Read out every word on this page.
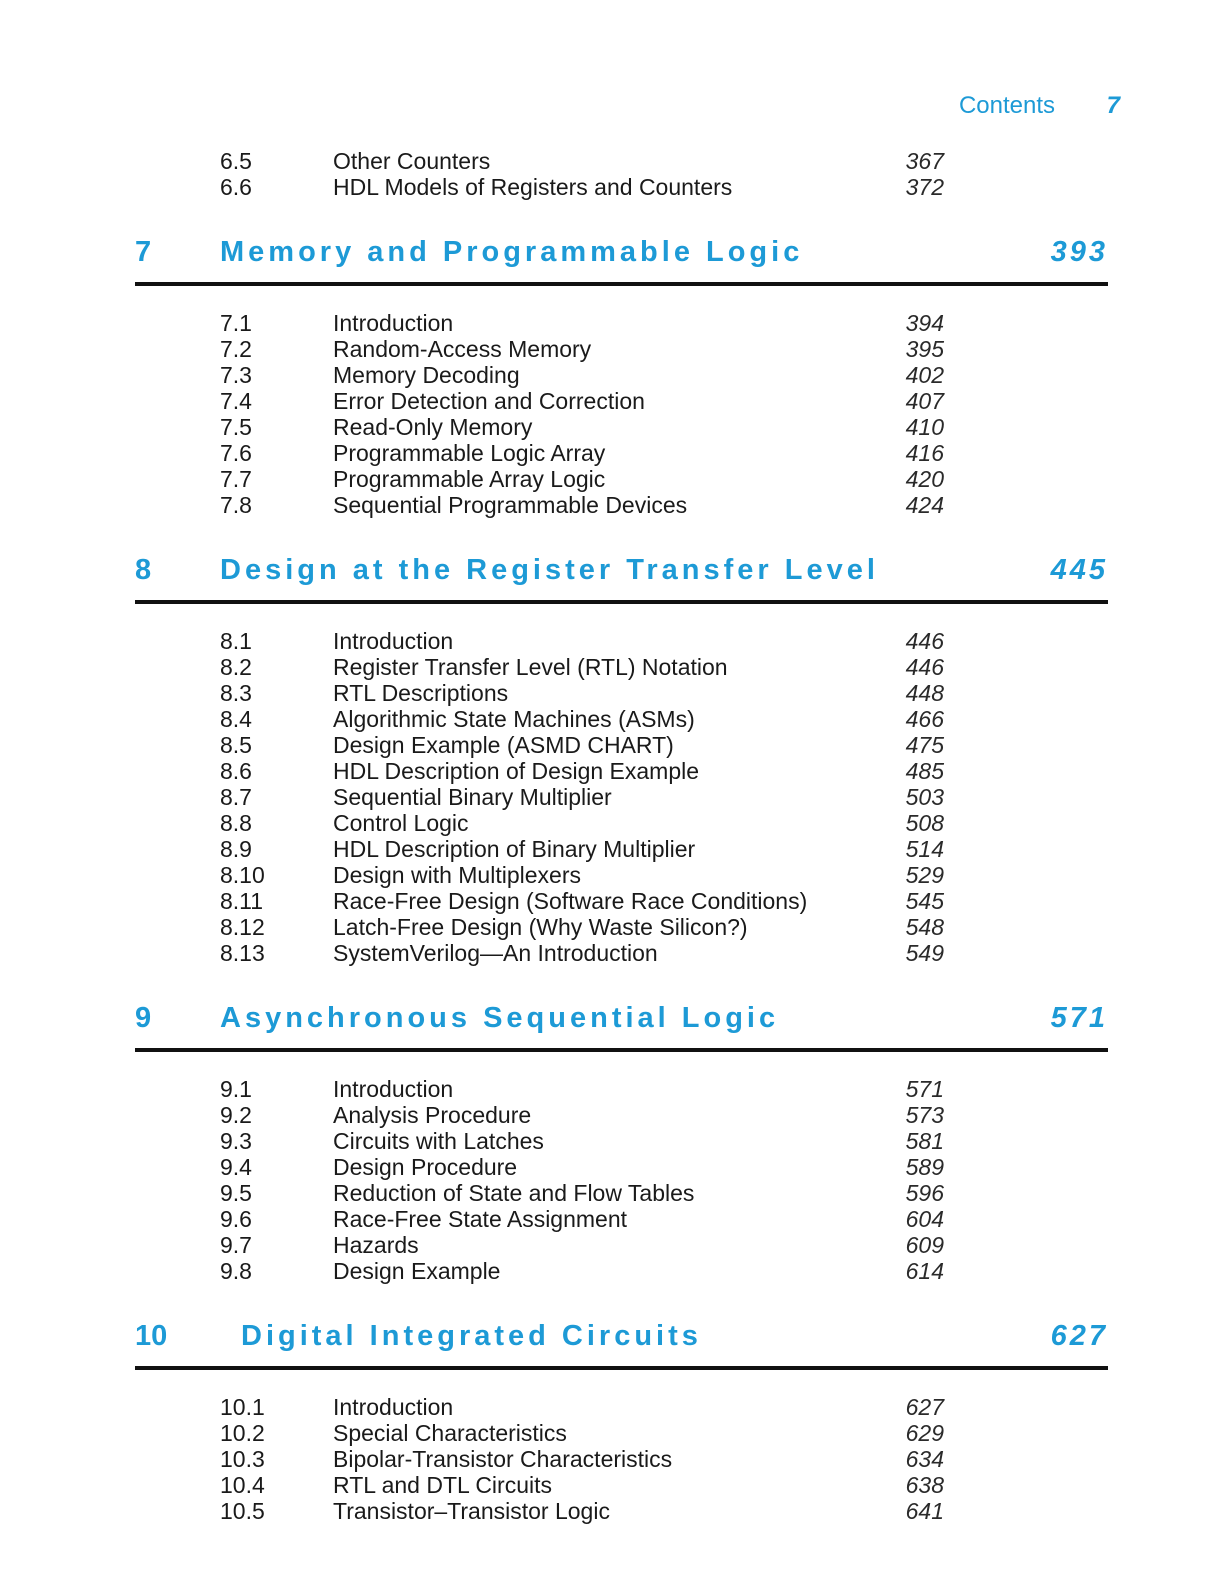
Contents 7
6.5	Other Counters	367
6.6	HDL Models of Registers and Counters	372
7 Memory and Programmable Logic	393
7.1	Introduction	394
7.2	Random-Access Memory	395
7.3	Memory Decoding	402
7.4	Error Detection and Correction	407
7.5	Read-Only Memory	410
7.6	Programmable Logic Array	416
7.7	Programmable Array Logic	420
7.8	Sequential Programmable Devices	424
8 Design at the Register Transfer Level	445
8.1	Introduction	446
8.2	Register Transfer Level (RTL) Notation	446
8.3	RTL Descriptions	448
8.4	Algorithmic State Machines (ASMs)	466
8.5	Design Example (ASMD CHART)	475
8.6	HDL Description of Design Example	485
8.7	Sequential Binary Multiplier	503
8.8	Control Logic	508
8.9	HDL Description of Binary Multiplier	514
8.10	Design with Multiplexers	529
8.11	Race-Free Design (Software Race Conditions)	545
8.12	Latch-Free Design (Why Waste Silicon?)	548
8.13	SystemVerilog—An Introduction	549
9 Asynchronous Sequential Logic	571
9.1	Introduction	571
9.2	Analysis Procedure	573
9.3	Circuits with Latches	581
9.4	Design Procedure	589
9.5	Reduction of State and Flow Tables	596
9.6	Race-Free State Assignment	604
9.7	Hazards	609
9.8	Design Example	614
10	Digital Integrated Circuits	627
10.1	Introduction	627
10.2	Special Characteristics	629
10.3	Bipolar-Transistor Characteristics	634
10.4	RTL and DTL Circuits	638
10.5	Transistor–Transistor Logic	641
